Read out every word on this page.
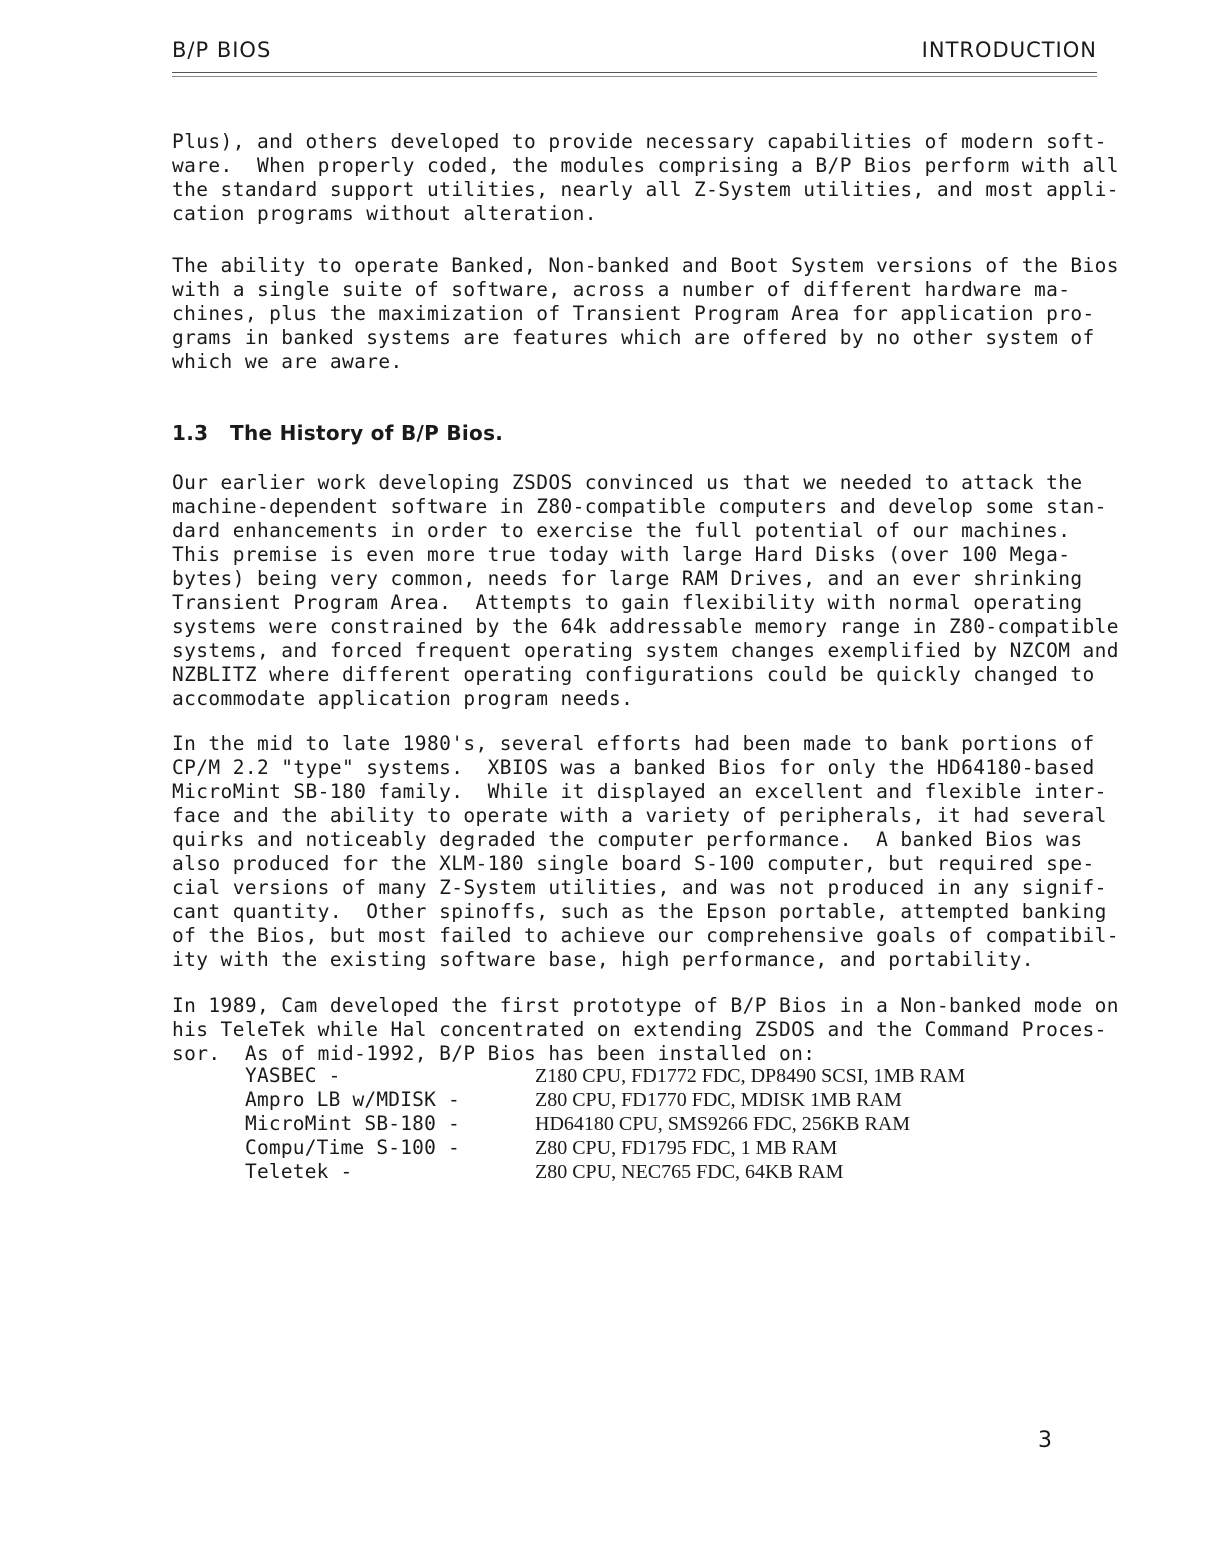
B/P BIOS	INTRODUCTION
Plus), and others developed to provide necessary capabilities of modern soft-
ware.  When properly coded, the modules comprising a B/P Bios perform with all
the standard support utilities, nearly all Z-System utilities, and most appli-
cation programs without alteration.
The ability to operate Banked, Non-banked and Boot System versions of the Bios
with a single suite of software, across a number of different hardware ma-
chines, plus the maximization of Transient Program Area for application pro-
grams in banked systems are features which are offered by no other system of
which we are aware.
1.3 The History of B/P Bios.
Our earlier work developing ZSDOS convinced us that we needed to attack the
machine-dependent software in Z80-compatible computers and develop some stan-
dard enhancements in order to exercise the full potential of our machines.
This premise is even more true today with large Hard Disks (over 100 Mega-
bytes) being very common, needs for large RAM Drives, and an ever shrinking
Transient Program Area.  Attempts to gain flexibility with normal operating
systems were constrained by the 64k addressable memory range in Z80-compatible
systems, and forced frequent operating system changes exemplified by NZCOM and
NZBLITZ where different operating configurations could be quickly changed to
accommodate application program needs.
In the mid to late 1980's, several efforts had been made to bank portions of
CP/M 2.2 "type" systems.  XBIOS was a banked Bios for only the HD64180-based
MicroMint SB-180 family.  While it displayed an excellent and flexible inter-
face and the ability to operate with a variety of peripherals, it had several
quirks and noticeably degraded the computer performance.  A banked Bios was
also produced for the XLM-180 single board S-100 computer, but required spe-
cial versions of many Z-System utilities, and was not produced in any signif-
cant quantity.  Other spinoffs, such as the Epson portable, attempted banking
of the Bios, but most failed to achieve our comprehensive goals of compatibil-
ity with the existing software base, high performance, and portability.
In 1989, Cam developed the first prototype of B/P Bios in a Non-banked mode on
his TeleTek while Hal concentrated on extending ZSDOS and the Command Proces-
sor.  As of mid-1992, B/P Bios has been installed on:
YASBEC -	Z180 CPU, FD1772 FDC, DP8490 SCSI, 1MB RAM
Ampro LB w/MDISK -	Z80 CPU, FD1770 FDC, MDISK 1MB RAM
MicroMint SB-180 -	HD64180 CPU, SMS9266 FDC, 256KB RAM
Compu/Time S-100 -	Z80 CPU, FD1795 FDC, 1 MB RAM
Teletek -	Z80 CPU, NEC765 FDC, 64KB RAM
3
